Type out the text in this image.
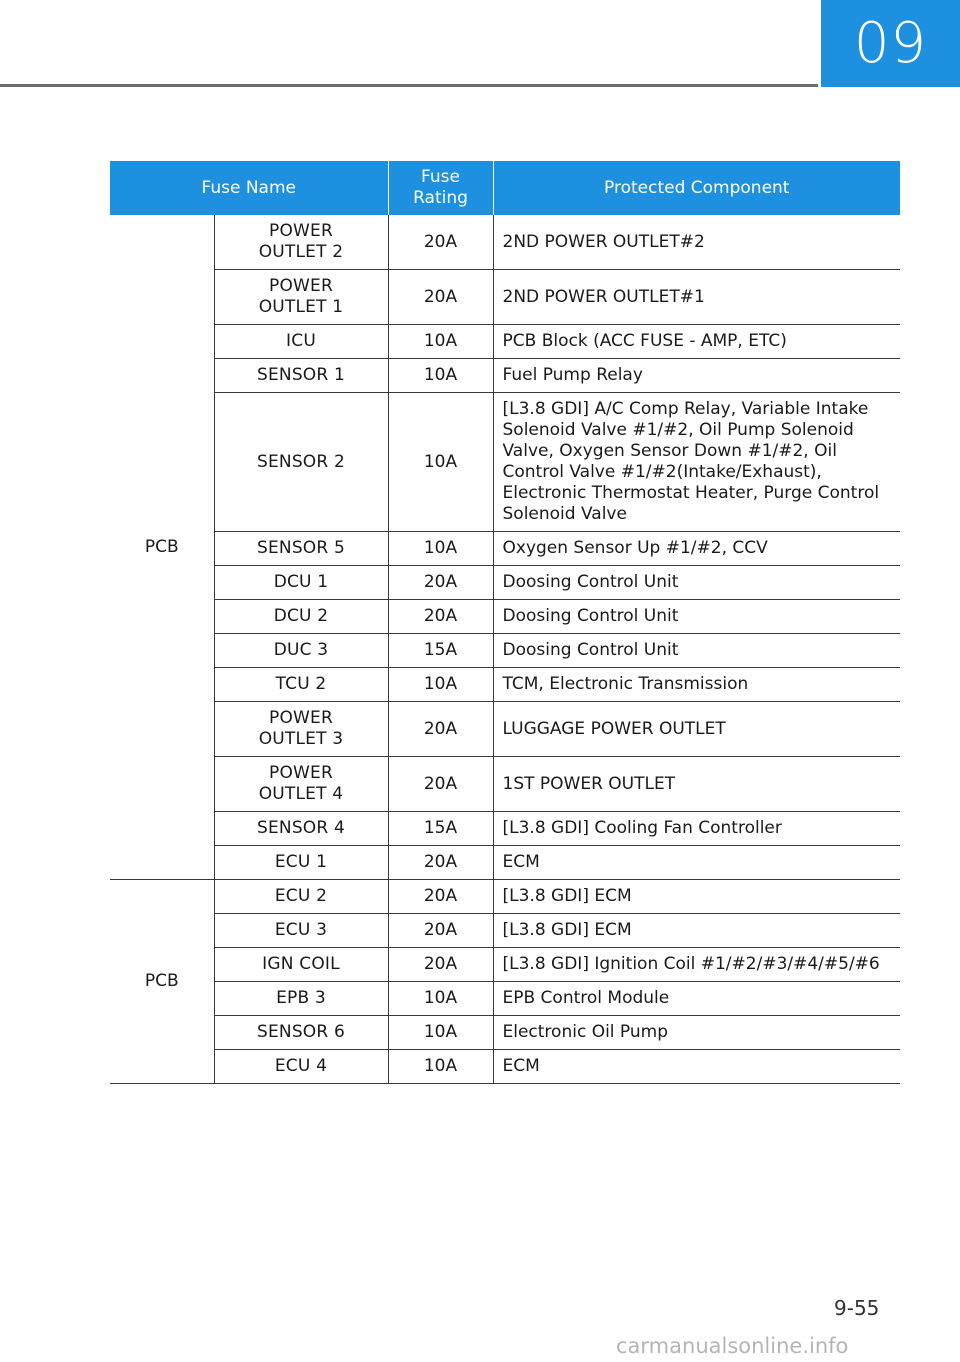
09
Fuse Name		Fuse Rating	Protected Component
PCB	POWER OUTLET 2	20A	2ND POWER OUTLET#2
	POWER OUTLET 1	20A	2ND POWER OUTLET#1
	ICU	10A	PCB Block (ACC FUSE - AMP, ETC)
	SENSOR 1	10A	Fuel Pump Relay
	SENSOR 2	10A	[L3.8 GDI] A/C Comp Relay, Variable Intake Solenoid Valve #1/#2, Oil Pump Solenoid Valve, Oxygen Sensor Down #1/#2, Oil Control Valve #1/#2(Intake/Exhaust), Electronic Thermostat Heater, Purge Control Solenoid Valve
	SENSOR 5	10A	Oxygen Sensor Up #1/#2, CCV
	DCU 1	20A	Doosing Control Unit
	DCU 2	20A	Doosing Control Unit
	DUC 3	15A	Doosing Control Unit
	TCU 2	10A	TCM, Electronic Transmission
	POWER OUTLET 3	20A	LUGGAGE POWER OUTLET
	POWER OUTLET 4	20A	1ST POWER OUTLET
	SENSOR 4	15A	[L3.8 GDI] Cooling Fan Controller
	ECU 1	20A	ECM
PCB	ECU 2	20A	[L3.8 GDI] ECM
	ECU 3	20A	[L3.8 GDI] ECM
	IGN COIL	20A	[L3.8 GDI] Ignition Coil #1/#2/#3/#4/#5/#6
	EPB 3	10A	EPB Control Module
	SENSOR 6	10A	Electronic Oil Pump
	ECU 4	10A	ECM
9-55
carmanualsonline.info
